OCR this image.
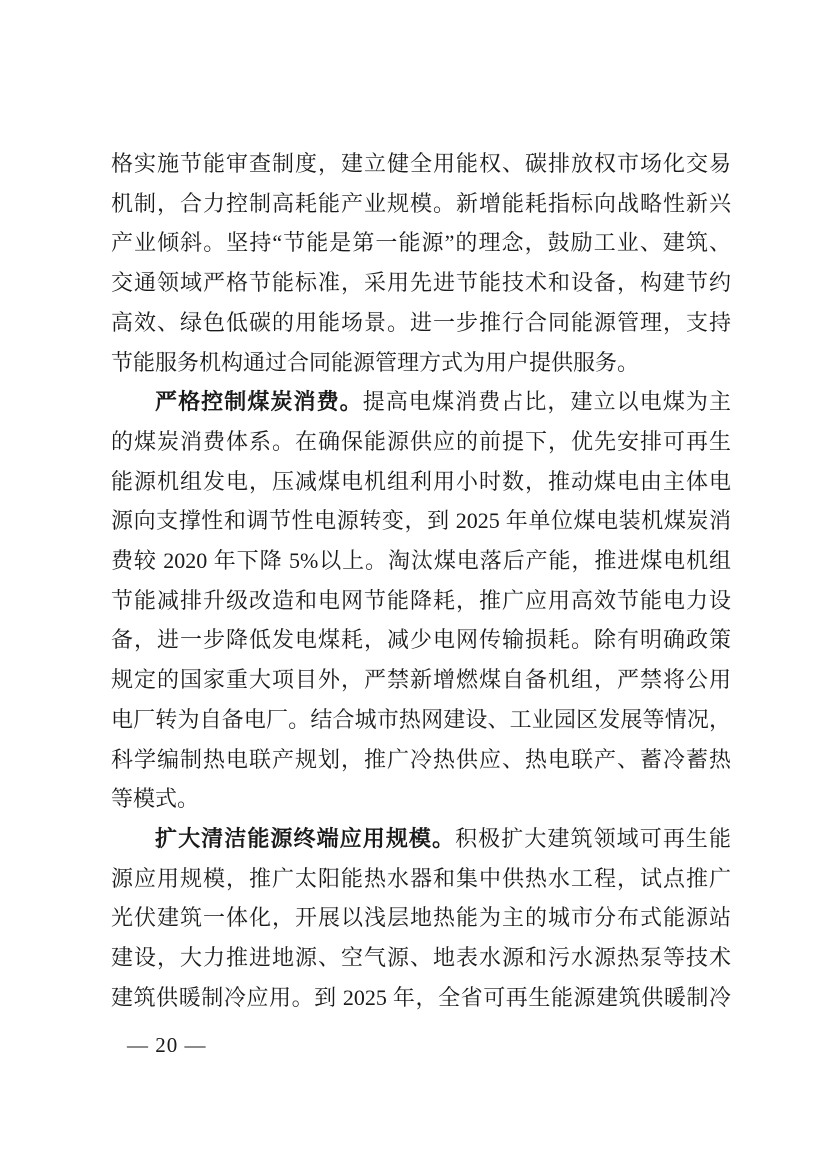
格实施节能审查制度，建立健全用能权、碳排放权市场化交易

机制，合力控制高耗能产业规模。新增能耗指标向战略性新兴

产业倾斜。坚持“节能是第一能源”的理念，鼓励工业、建筑、

交通领域严格节能标准，采用先进节能技术和设备，构建节约

高效、绿色低碳的用能场景。进一步推行合同能源管理，支持

节能服务机构通过合同能源管理方式为用户提供服务。

严格控制煤炭消费。提高电煤消费占比，建立以电煤为主

的煤炭消费体系。在确保能源供应的前提下，优先安排可再生

能源机组发电，压减煤电机组利用小时数，推动煤电由主体电

源向支撑性和调节性电源转变，到 2025 年单位煤电装机煤炭消

费较 2020 年下降 5%以上。淘汰煤电落后产能，推进煤电机组

节能减排升级改造和电网节能降耗，推广应用高效节能电力设

备，进一步降低发电煤耗，减少电网传输损耗。除有明确政策

规定的国家重大项目外，严禁新增燃煤自备机组，严禁将公用

电厂转为自备电厂。结合城市热网建设、工业园区发展等情况，

科学编制热电联产规划，推广冷热供应、热电联产、蓄冷蓄热

等模式。

扩大清洁能源终端应用规模。积极扩大建筑领域可再生能

源应用规模，推广太阳能热水器和集中供热水工程，试点推广

光伏建筑一体化，开展以浅层地热能为主的城市分布式能源站

建设，大力推进地源、空气源、地表水源和污水源热泵等技术

建筑供暖制冷应用。到 2025 年，全省可再生能源建筑供暖制冷

— 20 —
